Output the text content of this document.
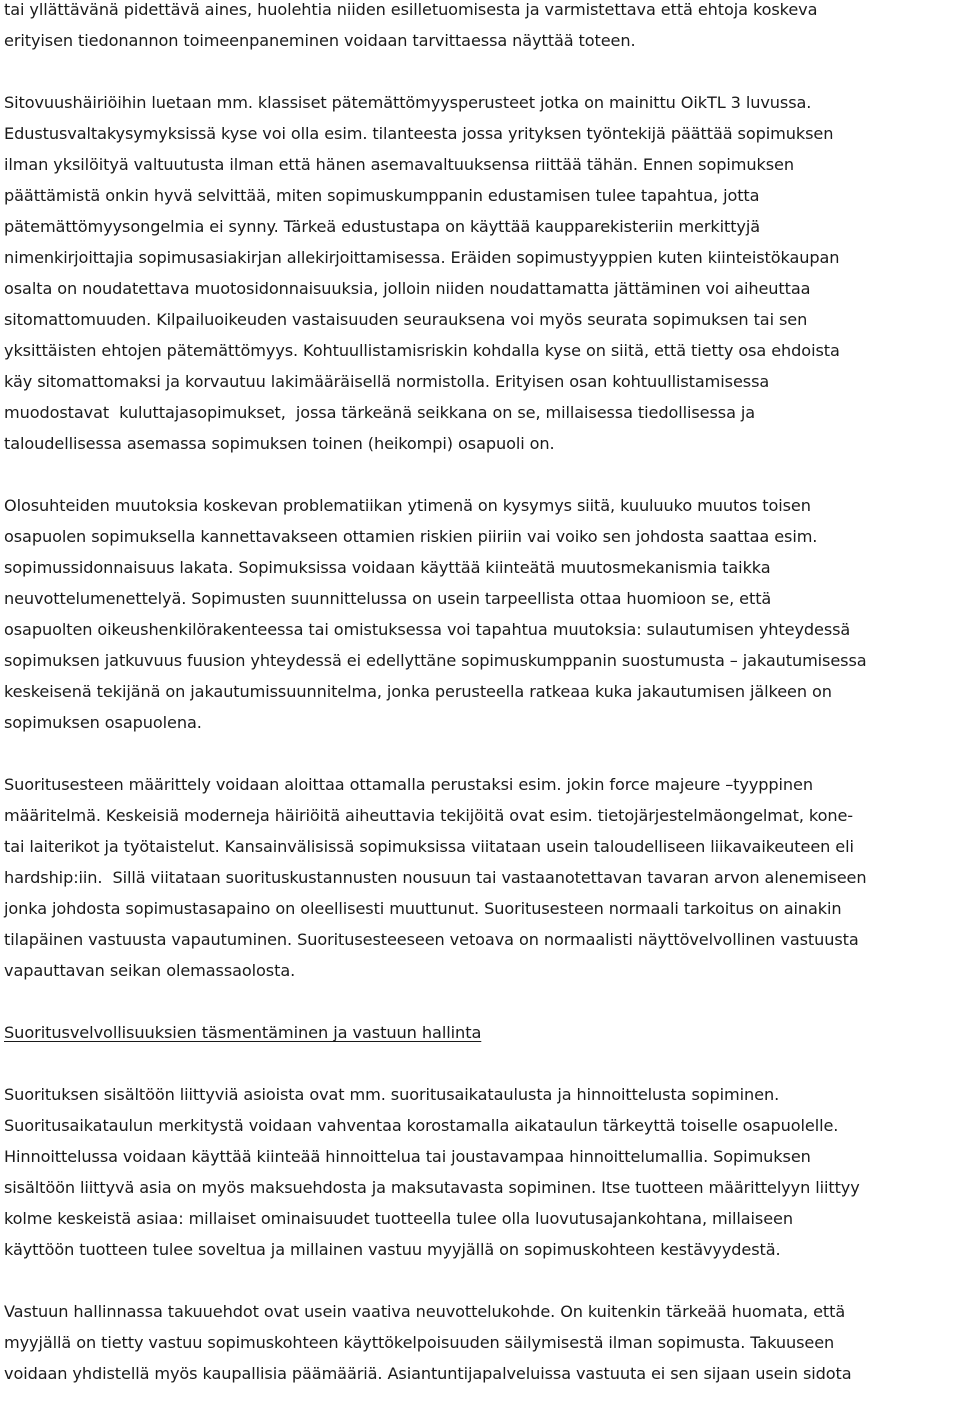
tai yllättävänä pidettävä aines, huolehtia niiden esilletuomisesta ja varmistettava että ehtoja koskeva
erityisen tiedonannon toimeenpaneminen voidaan tarvittaessa näyttää toteen.
Sitovuushäiriöihin luetaan mm. klassiset pätemättömyysperusteet jotka on mainittu OikTL 3 luvussa.
Edustusvaltakysymyksissä kyse voi olla esim. tilanteesta jossa yrityksen työntekijä päättää sopimuksen
ilman yksilöityä valtuutusta ilman että hänen asemavaltuuksensa riittää tähän. Ennen sopimuksen
päättämistä onkin hyvä selvittää, miten sopimuskumppanin edustamisen tulee tapahtua, jotta
pätemättömyysongelmia ei synny. Tärkeä edustustapa on käyttää kaupparekisteriin merkittyjä
nimenkirjoittajia sopimusasiakirjan allekirjoittamisessa. Eräiden sopimustyyppien kuten kiinteistökaupan
osalta on noudatettava muotosidonnaisuuksia, jolloin niiden noudattamatta jättäminen voi aiheuttaa
sitomattomuuden. Kilpailuoikeuden vastaisuuden seurauksena voi myös seurata sopimuksen tai sen
yksittäisten ehtojen pätemättömyys. Kohtuullistamisriskin kohdalla kyse on siitä, että tietty osa ehdoista
käy sitomattomaksi ja korvautuu lakimääräisellä normistolla. Erityisen osan kohtuullistamisessa
muodostavat  kuluttajasopimukset,  jossa tärkeänä seikkana on se, millaisessa tiedollisessa ja
taloudellisessa asemassa sopimuksen toinen (heikompi) osapuoli on.
Olosuhteiden muutoksia koskevan problematiikan ytimenä on kysymys siitä, kuuluuko muutos toisen
osapuolen sopimuksella kannettavakseen ottamien riskien piiriin vai voiko sen johdosta saattaa esim.
sopimussidonnaisuus lakata. Sopimuksissa voidaan käyttää kiinteätä muutosmekanismia taikka
neuvottelumenettelyä. Sopimusten suunnittelussa on usein tarpeellista ottaa huomioon se, että
osapuolten oikeushenkilörakenteessa tai omistuksessa voi tapahtua muutoksia: sulautumisen yhteydessä
sopimuksen jatkuvuus fuusion yhteydessä ei edellyttäne sopimuskumppanin suostumusta – jakautumisessa
keskeisenä tekijänä on jakautumissuunnitelma, jonka perusteella ratkeaa kuka jakautumisen jälkeen on
sopimuksen osapuolena.
Suoritusesteen määrittely voidaan aloittaa ottamalla perustaksi esim. jokin force majeure –tyyppinen
määritelmä. Keskeisiä moderneja häiriöitä aiheuttavia tekijöitä ovat esim. tietojärjestelmäongelmat, kone-
tai laiterikot ja työtaistelut. Kansainvälisissä sopimuksissa viitataan usein taloudelliseen liikavaikeuteen eli
hardship:iin.  Sillä viitataan suorituskustannusten nousuun tai vastaanotettavan tavaran arvon alenemiseen
jonka johdosta sopimustasapaino on oleellisesti muuttunut. Suoritusesteen normaali tarkoitus on ainakin
tilapäinen vastuusta vapautuminen. Suoritusesteeseen vetoava on normaalisti näyttövelvollinen vastuusta
vapauttavan seikan olemassaolosta.
Suoritusvelvollisuuksien täsmentäminen ja vastuun hallinta
Suorituksen sisältöön liittyviä asioista ovat mm. suoritusaikataulusta ja hinnoittelusta sopiminen.
Suoritusaikataulun merkitystä voidaan vahventaa korostamalla aikataulun tärkeyttä toiselle osapuolelle.
Hinnoittelussa voidaan käyttää kiinteää hinnoittelua tai joustavampaa hinnoittelumallia. Sopimuksen
sisältöön liittyvä asia on myös maksuehdosta ja maksutavasta sopiminen. Itse tuotteen määrittelyyn liittyy
kolme keskeistä asiaa: millaiset ominaisuudet tuotteella tulee olla luovutusajankohtana, millaiseen
käyttöön tuotteen tulee soveltua ja millainen vastuu myyjällä on sopimuskohteen kestävyydestä.
Vastuun hallinnassa takuuehdot ovat usein vaativa neuvottelukohde. On kuitenkin tärkeää huomata, että
myyjällä on tietty vastuu sopimuskohteen käyttökelpoisuuden säilymisestä ilman sopimusta. Takuuseen
voidaan yhdistellä myös kaupallisia päämääriä. Asiantuntijapalveluissa vastuuta ei sen sijaan usein sidota
